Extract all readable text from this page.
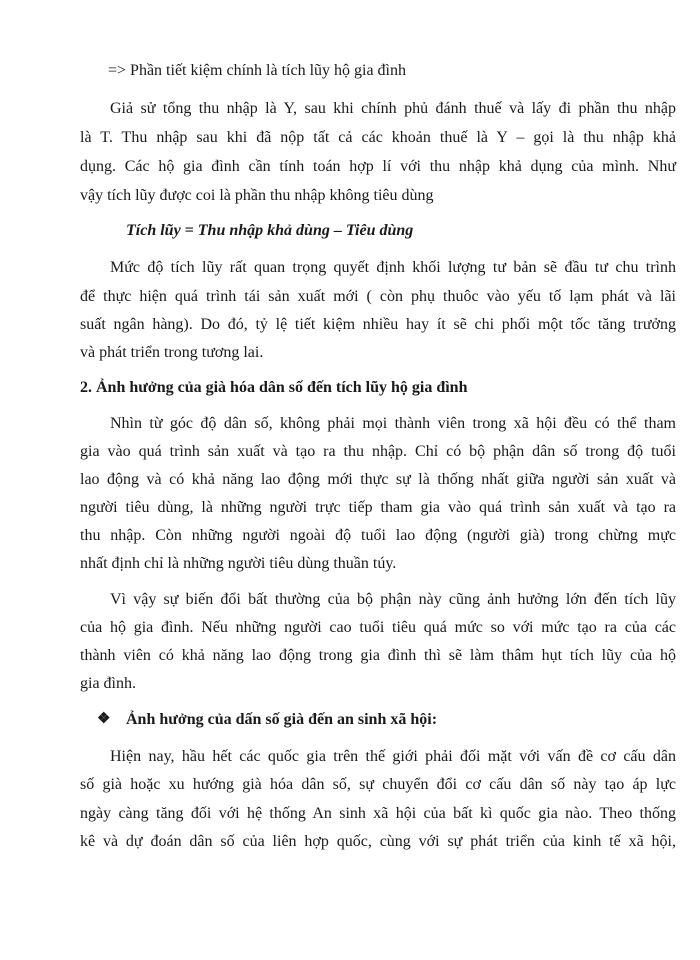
=> Phần tiết kiệm chính là tích lũy hộ gia đình
Giả sử tổng thu nhập là Y, sau khi chính phủ đánh thuế và lấy đi phần thu nhập
là T. Thu nhập sau khi đã nộp tất cả các khoản thuế là Y – gọi là thu nhập khả
dụng. Các hộ gia đình cần tính toán hợp lí với thu nhập khả dụng của mình. Như
vậy tích lũy được coi là phần thu nhập không tiêu dùng
Tích lũy = Thu nhập khả dùng – Tiêu dùng
Mức độ tích lũy rất quan trọng quyết định khối lượng tư bản sẽ đầu tư chu trình
để thực hiện quá trình tái sản xuất mới ( còn phụ thuôc vào yếu tố lạm phát và lãi
suất ngân hàng). Do đó, tỷ lệ tiết kiệm nhiều hay ít sẽ chi phối một tốc tăng trưởng
và phát triển trong tương lai.
2. Ảnh hưởng của già hóa dân số đến tích lũy hộ gia đình
Nhìn từ góc độ dân số, không phải mọi thành viên trong xã hội đều có thể tham
gia vào quá trình sản xuất và tạo ra thu nhập. Chỉ có bộ phận dân số trong độ tuổi
lao động và có khả năng lao động mới thực sự là thống nhất giữa người sản xuất và
người tiêu dùng, là những người trực tiếp tham gia vào quá trình sản xuất và tạo ra
thu nhập. Còn những người ngoài độ tuổi lao động (người già) trong chừng mực
nhất định chỉ là những người tiêu dùng thuần túy.
Vì vậy sự biến đổi bất thường của bộ phận này cũng ảnh hưởng lớn đến tích lũy
của hộ gia đình. Nếu những người cao tuổi tiêu quá mức so với mức tạo ra của các
thành viên có khả năng lao động trong gia đình thì sẽ làm thâm hụt tích lũy của hộ
gia đình.
❖ Ảnh hưởng của dấn số già đến an sinh xã hội:
Hiện nay, hầu hết các quốc gia trên thế giới phải đối mặt với vấn đề cơ cấu dân
số già hoặc xu hướng già hóa dân số, sự chuyển đổi cơ cấu dân số này tạo áp lực
ngày càng tăng đối với hệ thống An sinh xã hội của bất kì quốc gia nào. Theo thống
kê và dự đoán dân số của liên hợp quốc, cùng với sự phát triển của kinh tế xã hội,
